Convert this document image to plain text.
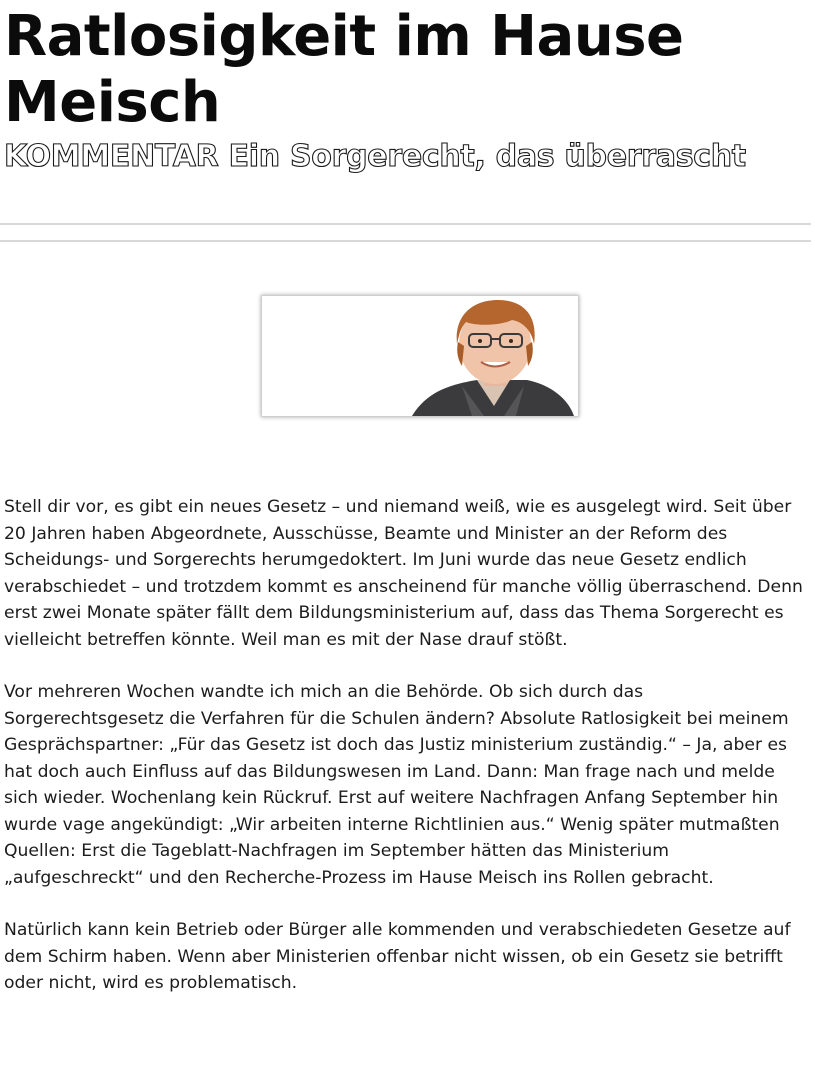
Ratlosigkeit im Hause Meisch
KOMMENTAR Ein Sorgerecht, das überrascht

Stell dir vor, es gibt ein neues Gesetz – und niemand weiß, wie es ausgelegt wird. Seit über 20 Jahren haben Abgeordnete, Ausschüsse, Beamte und Minister an der Reform des Scheidungs- und Sorgerechts herumgedoktert. Im Juni wurde das neue Gesetz endlich verabschiedet – und trotzdem kommt es anscheinend für manche völlig überraschend. Denn erst zwei Monate später fällt dem Bildungsministerium auf, dass das Thema Sorgerecht es vielleicht betreffen könnte. Weil man es mit der Nase drauf stößt.

Vor mehreren Wochen wandte ich mich an die Behörde. Ob sich durch das Sorgerechtsgesetz die Verfahren für die Schulen ändern? Absolute Ratlosigkeit bei meinem Gesprächspartner: „Für das Gesetz ist doch das Justiz ministerium zuständig.“ – Ja, aber es hat doch auch Einfluss auf das Bildungswesen im Land. Dann: Man frage nach und melde sich wieder. Wochenlang kein Rückruf. Erst auf weitere Nachfragen Anfang September hin wurde vage angekündigt: „Wir arbeiten interne Richtlinien aus.“ Wenig später mutmaßten Quellen: Erst die Tageblatt-Nachfragen im September hätten das Ministerium „aufgeschreckt“ und den Recherche-Prozess im Hause Meisch ins Rollen gebracht.

Natürlich kann kein Betrieb oder Bürger alle kommenden und verabschiedeten Gesetze auf dem Schirm haben. Wenn aber Ministerien offenbar nicht wissen, ob ein Gesetz sie betrifft oder nicht, wird es problematisch.
